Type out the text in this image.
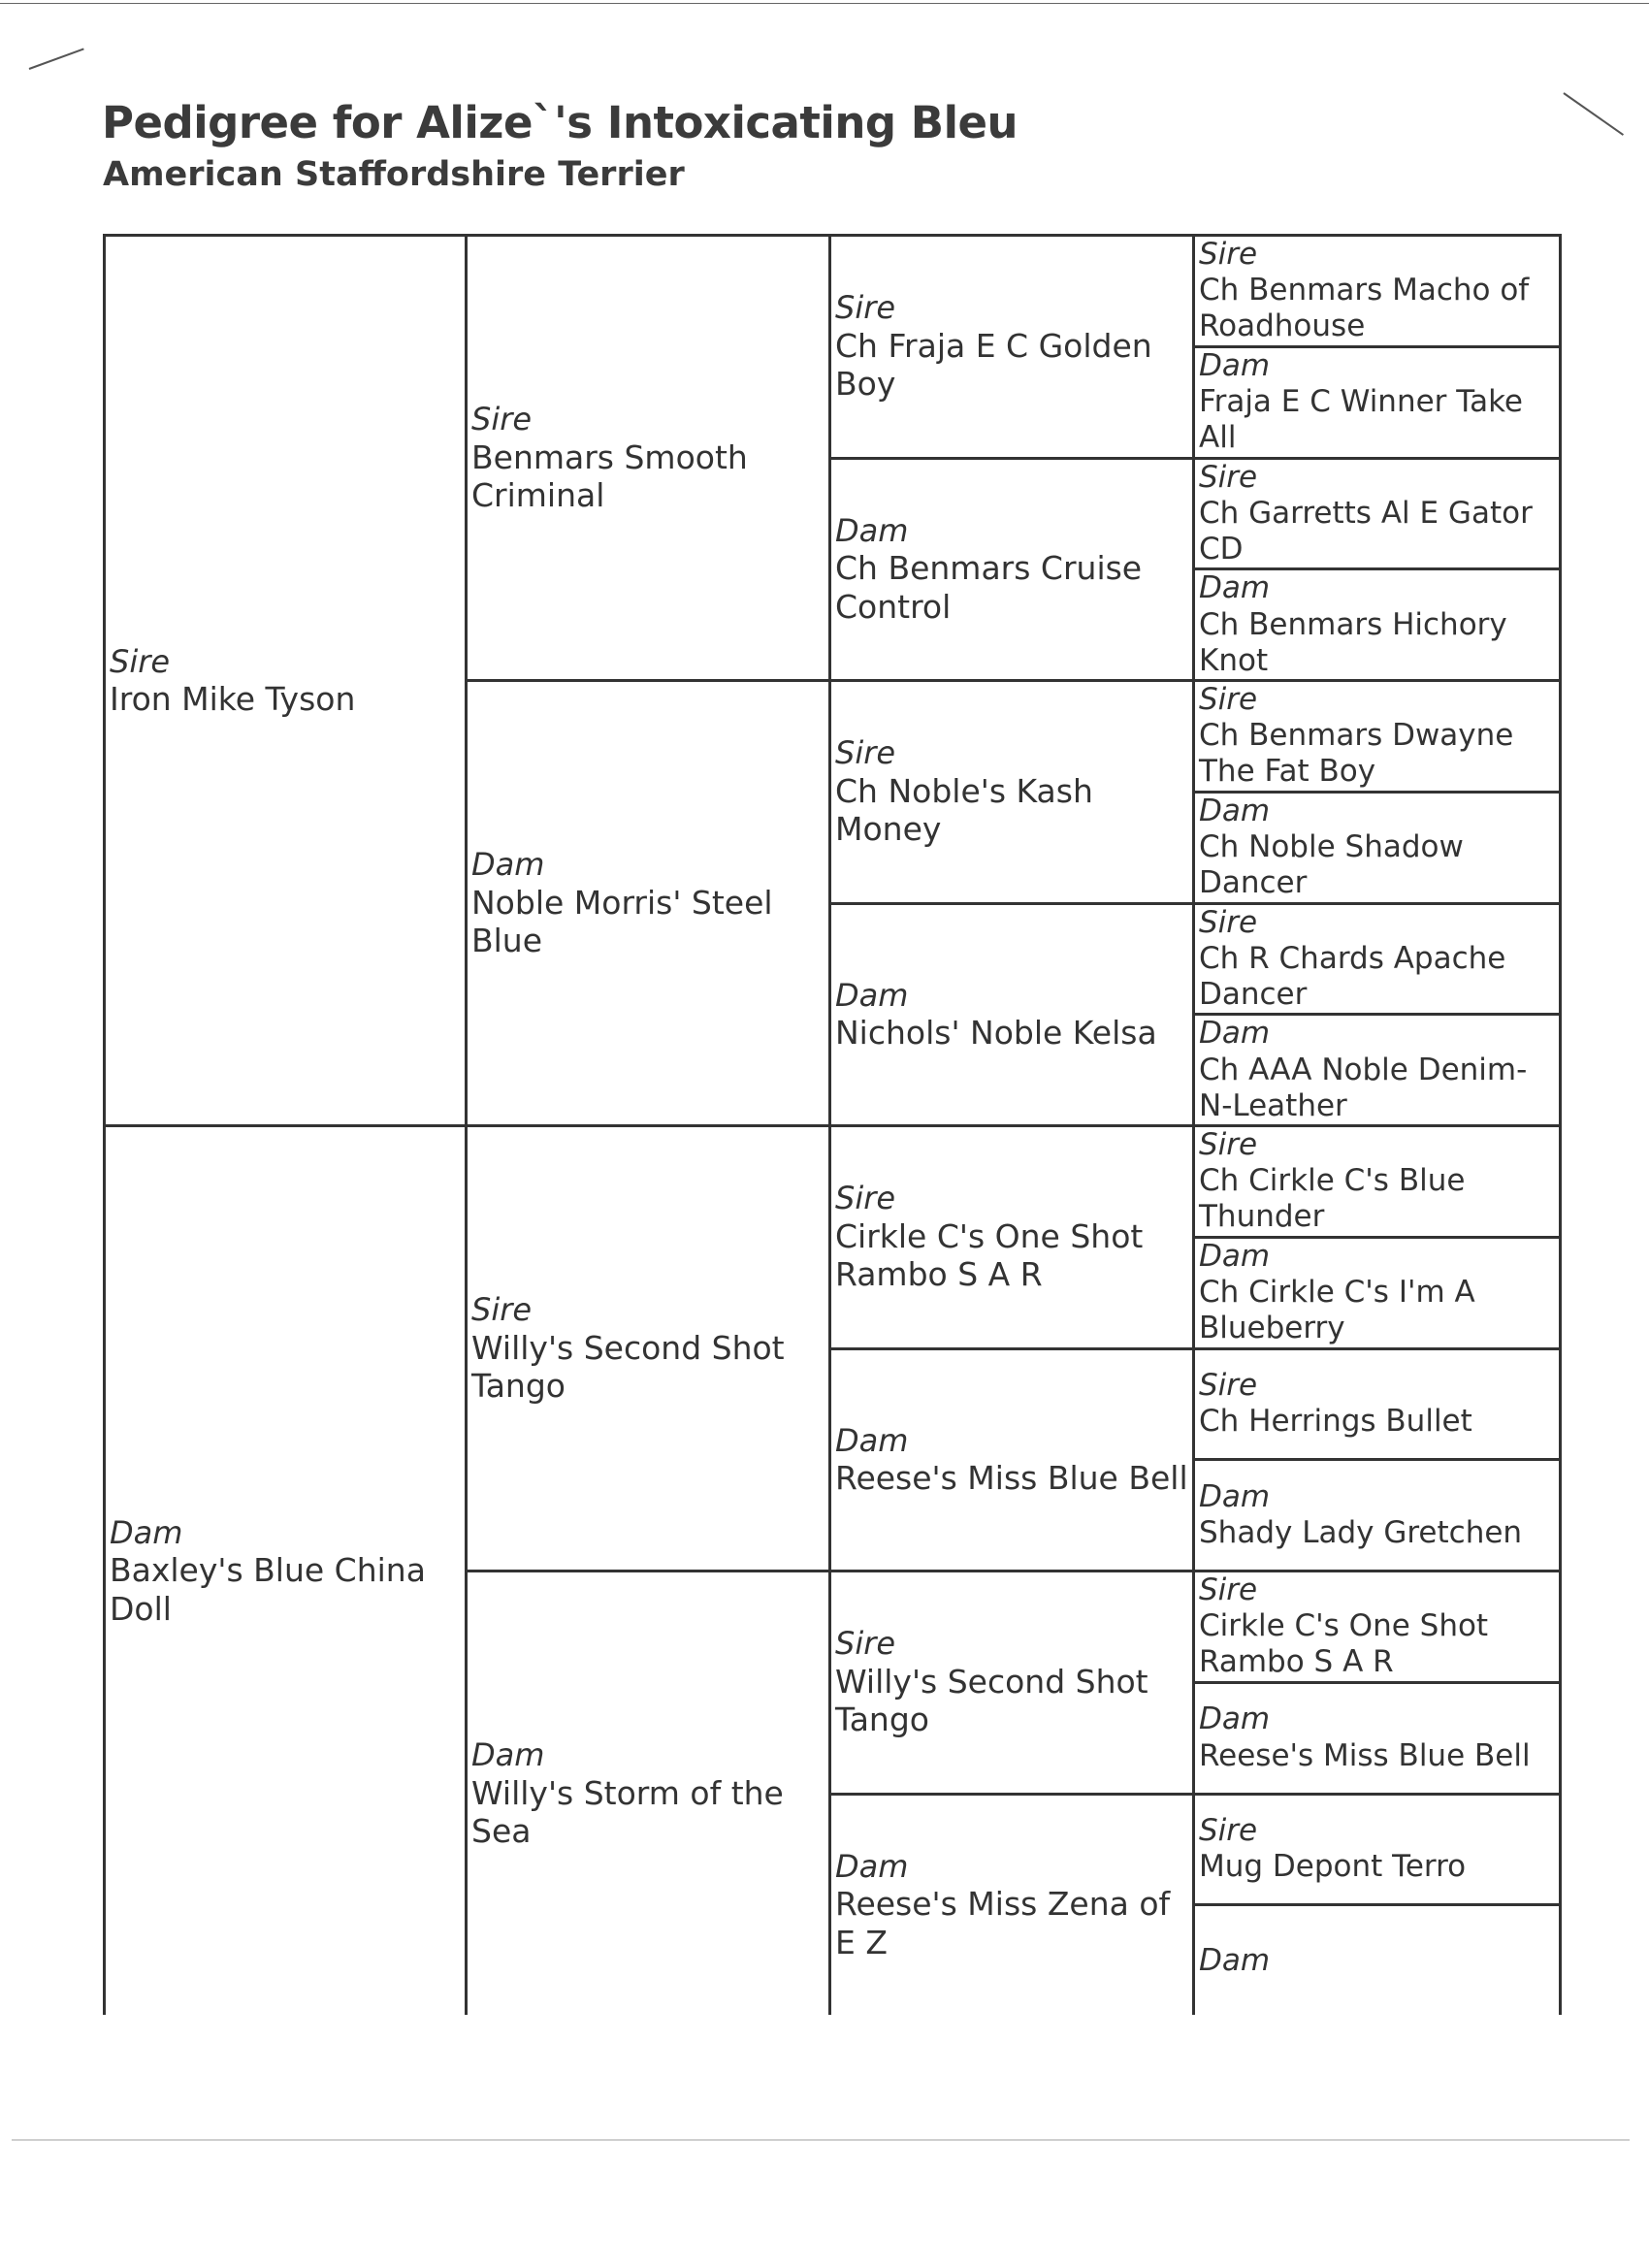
Pedigree for Alize`'s Intoxicating Bleu
American Staffordshire Terrier
Sire
Iron Mike Tyson
Dam
Baxley's Blue China Doll
Sire
Benmars Smooth Criminal
Dam
Noble Morris' Steel Blue
Sire
Willy's Second Shot Tango
Dam
Willy's Storm of the Sea
Sire
Ch Fraja E C Golden Boy
Dam
Ch Benmars Cruise Control
Sire
Ch Noble's Kash Money
Dam
Nichols' Noble Kelsa
Sire
Cirkle C's One Shot Rambo S A R
Dam
Reese's Miss Blue Bell
Sire
Willy's Second Shot Tango
Dam
Reese's Miss Zena of E Z
Sire
Ch Benmars Macho of Roadhouse
Dam
Fraja E C Winner Take All
Sire
Ch Garretts Al E Gator CD
Dam
Ch Benmars Hichory Knot
Sire
Ch Benmars Dwayne The Fat Boy
Dam
Ch Noble Shadow Dancer
Sire
Ch R Chards Apache Dancer
Dam
Ch AAA Noble Denim-N-Leather
Sire
Ch Cirkle C's Blue Thunder
Dam
Ch Cirkle C's I'm A Blueberry
Sire
Ch Herrings Bullet
Dam
Shady Lady Gretchen
Sire
Cirkle C's One Shot Rambo S A R
Dam
Reese's Miss Blue Bell
Sire
Mug Depont Terro
Dam
